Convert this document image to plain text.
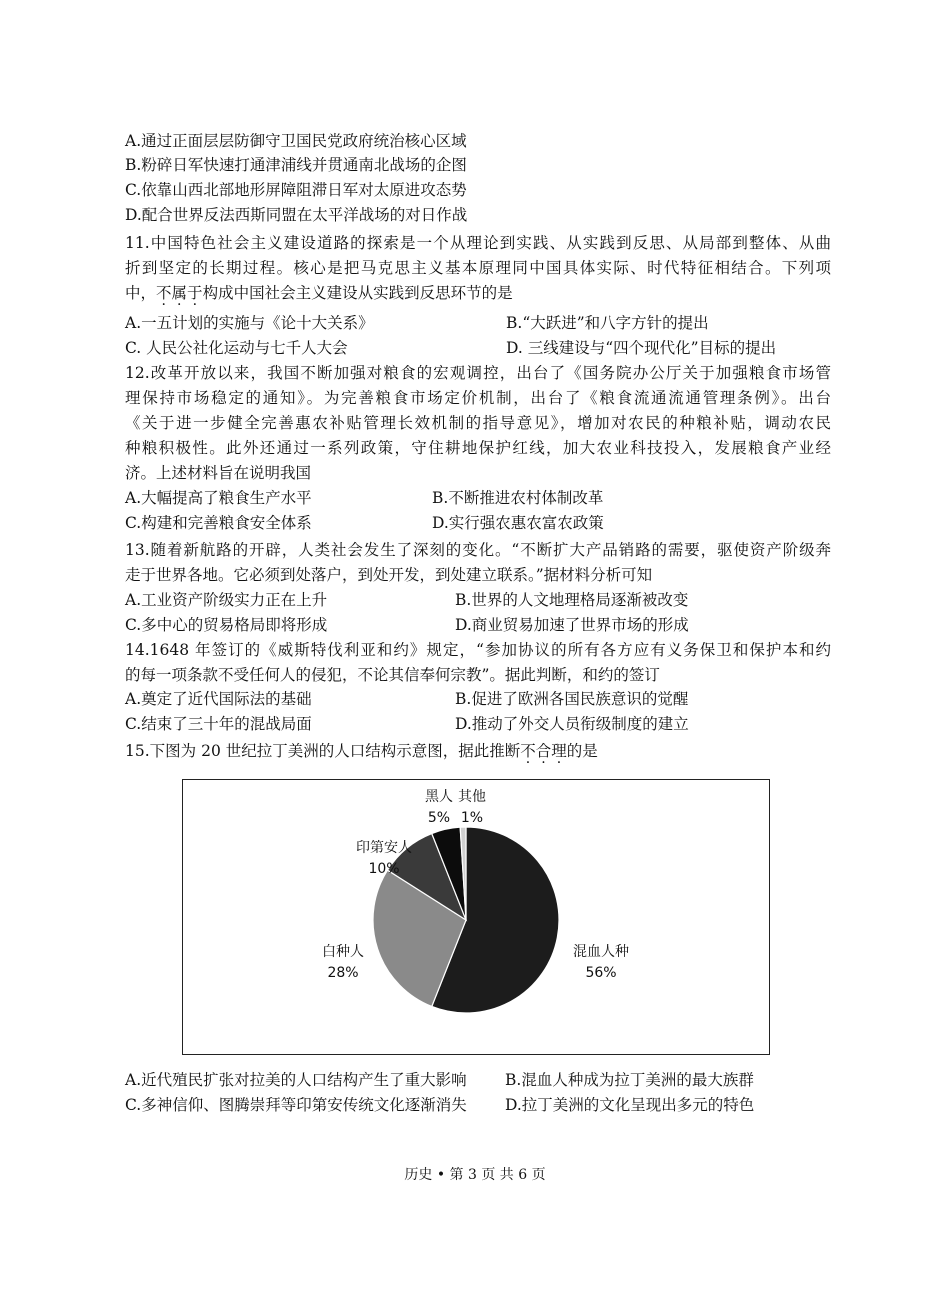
A.通过正面层层防御守卫国民党政府统治核心区域
B.粉碎日军快速打通津浦线并贯通南北战场的企图
C.依靠山西北部地形屏障阻滞日军对太原进攻态势
D.配合世界反法西斯同盟在太平洋战场的对日作战
11.中国特色社会主义建设道路的探索是一个从理论到实践、从实践到反思、从局部到整体、从曲
折到坚定的长期过程。核心是把马克思主义基本原理同中国具体实际、时代特征相结合。下列项
中，不属于构成中国社会主义建设从实践到反思环节的是
A.一五计划的实施与《论十大关系》	B.“大跃进”和八字方针的提出
C. 人民公社化运动与七千人大会	D. 三线建设与“四个现代化”目标的提出
12.改革开放以来，我国不断加强对粮食的宏观调控，出台了《国务院办公厅关于加强粮食市场管
理保持市场稳定的通知》。为完善粮食市场定价机制，出台了《粮食流通流通管理条例》。出台
《关于进一步健全完善惠农补贴管理长效机制的指导意见》，增加对农民的种粮补贴，调动农民
种粮积极性。此外还通过一系列政策，守住耕地保护红线，加大农业科技投入，发展粮食产业经
济。上述材料旨在说明我国
A.大幅提高了粮食生产水平	B.不断推进农村体制改革
C.构建和完善粮食安全体系	D.实行强农惠农富农政策
13.随着新航路的开辟，人类社会发生了深刻的变化。“不断扩大产品销路的需要，驱使资产阶级奔
走于世界各地。它必须到处落户，到处开发，到处建立联系。”据材料分析可知
A.工业资产阶级实力正在上升	B.世界的人文地理格局逐渐被改变
C.多中心的贸易格局即将形成	D.商业贸易加速了世界市场的形成
14.1648 年签订的《威斯特伐利亚和约》规定，“参加协议的所有各方应有义务保卫和保护本和约
的每一项条款不受任何人的侵犯，不论其信奉何宗教”。据此判断，和约的签订
A.奠定了近代国际法的基础	B.促进了欧洲各国民族意识的觉醒
C.结束了三十年的混战局面	D.推动了外交人员衔级制度的建立
15.下图为 20 世纪拉丁美洲的人口结构示意图，据此推断不合理的是
混血人种
56%
白种人
28%
印第安人
10%
黑人
5%
其他
1%
A.近代殖民扩张对拉美的人口结构产生了重大影响 B.混血人种成为拉丁美洲的最大族群
C.多神信仰、图腾崇拜等印第安传统文化逐渐消失 D.拉丁美洲的文化呈现出多元的特色
历史 • 第 3 页 共 6 页
